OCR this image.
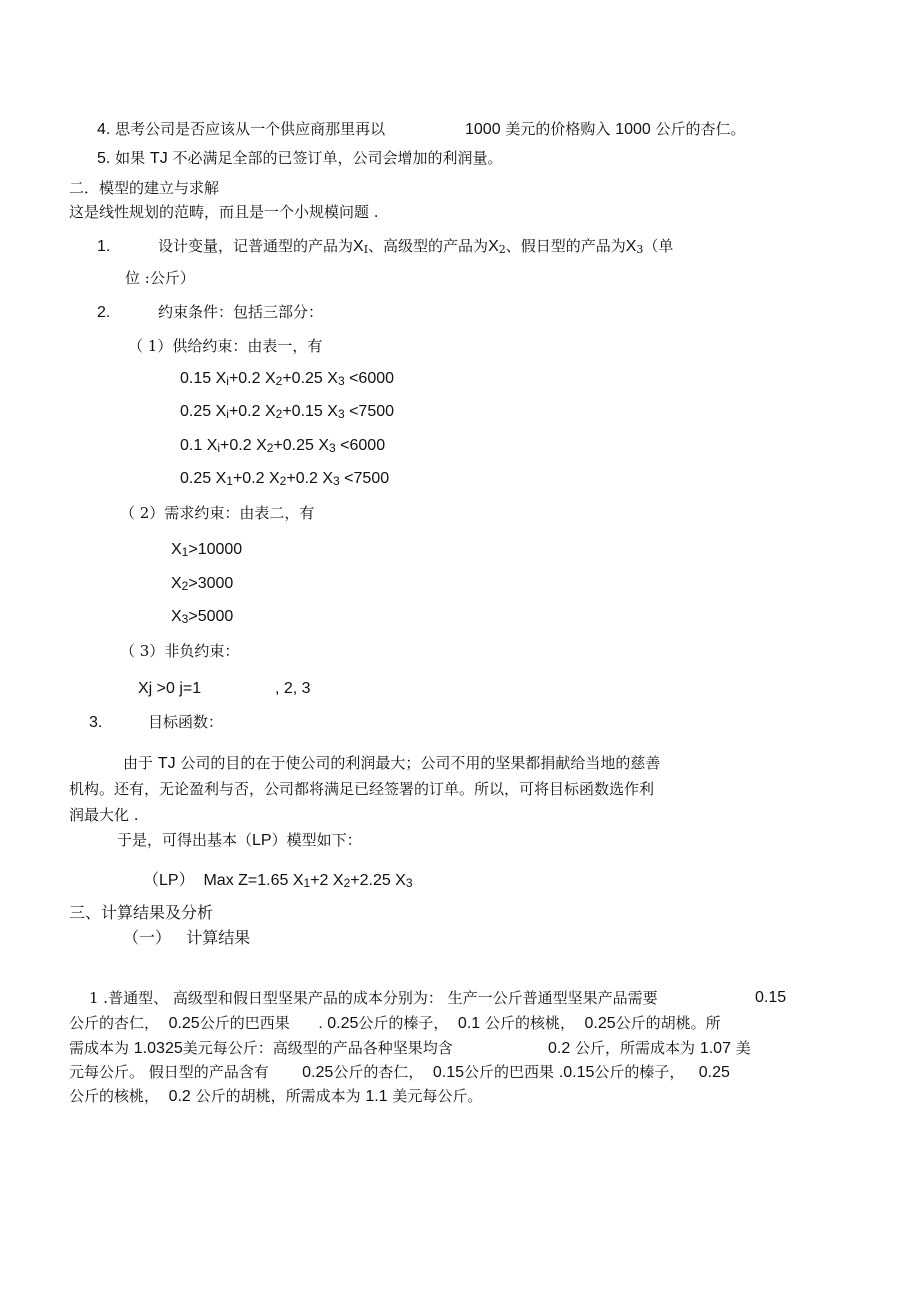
4. 思考公司是否应该从一个供应商那里再以	1000 美元的价格购入 1000 公斤的杏仁。
5. 如果 TJ 不必满足全部的已签订单，公司会增加的利润量。
二．模型的建立与求解
这是线性规划的范畴，而且是一个小规模问题 .
1.	设计变量，记普通型的产品为$X_I$、高级型的产品为$X_2$、假日型的产品为$X_3$（单
位 :公斤）
2.	约束条件：包括三部分：
（ 1）供给约束：由表一，有
0.15 $X_i+0.2$ $X_2+0.25$ $X_3 <6000$
0.25 $X_i+0.2$ $X_2+0.15$ $X_3 <7500$
0.1 $X_i+0.2$ $X_2+0.25$ $X_3 <6000$
0.25 $X_1+0.2$ $X_2+0.2$ $X_3 <7500$
（ 2）需求约束：由表二，有
$X_1>10000$
$X_2>3000$
$X_3>5000$
（ 3）非负约束：
Xj >0 j=1	, 2, 3
3.	目标函数：
由于 TJ 公司的目的在于使公司的利润最大；公司不用的坚果都捐献给当地的慈善
机构。还有，无论盈利与否，公司都将满足已经签署的订单。所以，可将目标函数选作利
润最大化 .
于是，可得出基本（LP）模型如下：
（LP） Max Z=1.65 $X_1+2$ $X_2+2.25$ $X_3$
三、计算结果及分析
（一） 计算结果
1 .普通型、 高级型和假日型坚果产品的成本分别为： 生产一公斤普通型坚果产品需要	0.15
公斤的杏仁， 0.25公斤的巴西果 . 0.25公斤的榛子， 0.1 公斤的核桃， 0.25公斤的胡桃。所
需成本为 1.0325美元每公斤：高级型的产品各种坚果均含	0.2 公斤，所需成本为 1.07 美
元每公斤。 假日型的产品含有 0.25公斤的杏仁， 0.15公斤的巴西果 .0.15公斤的榛子， 0.25
公斤的核桃， 0.2 公斤的胡桃，所需成本为 1.1 美元每公斤。
